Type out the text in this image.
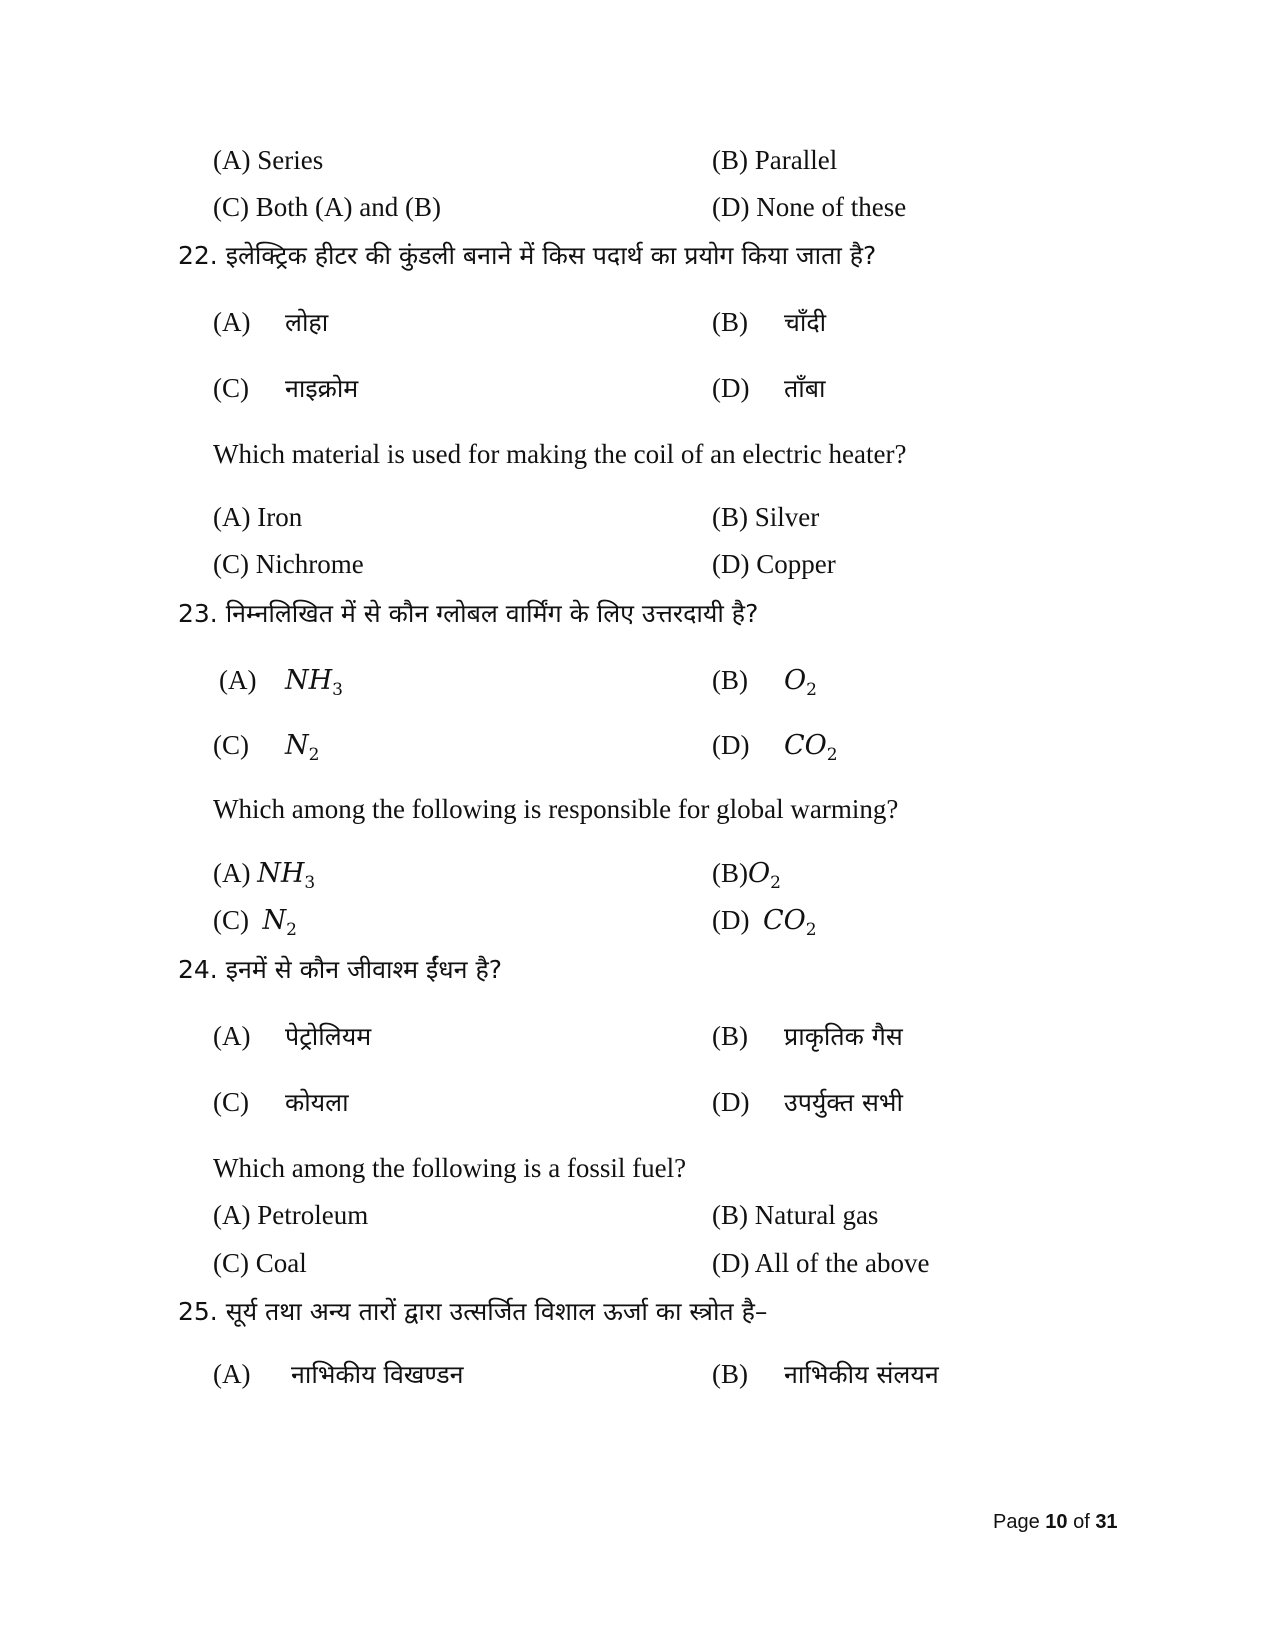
(A) Series	(B) Parallel
(C) Both (A) and (B)	(D) None of these
22. इलेक्ट्रिक हीटर की कुंडली बनाने में किस पदार्थ का प्रयोग किया जाता है?
(A) लोहा	(B) चाँदी
(C) नाइक्रोम	(D) ताँबा
Which material is used for making the coil of an electric heater?
(A) Iron	(B) Silver
(C) Nichrome	(D) Copper
23. निम्नलिखित में से कौन ग्लोबल वार्मिंग के लिए उत्तरदायी है?
(A) $NH_3$	(B) $O_2$
(C) $N_2$	(D) $CO_2$
Which among the following is responsible for global warming?
(A) $NH_3$	$(B)O_2$
(C) $N_2$	(D) $CO_2$
24. इनमें से कौन जीवाश्म ईंधन है?
(A) पेट्रोलियम	(B) प्राकृतिक गैस
(C) कोयला	(D) उपर्युक्त सभी
Which among the following is a fossil fuel?
(A) Petroleum	(B) Natural gas
(C) Coal	(D) All of the above
25. सूर्य तथा अन्य तारों द्वारा उत्सर्जित विशाल ऊर्जा का स्त्रोत है–
(A) नाभिकीय विखण्डन	(B) नाभिकीय संलयन
Page 10 of 31
